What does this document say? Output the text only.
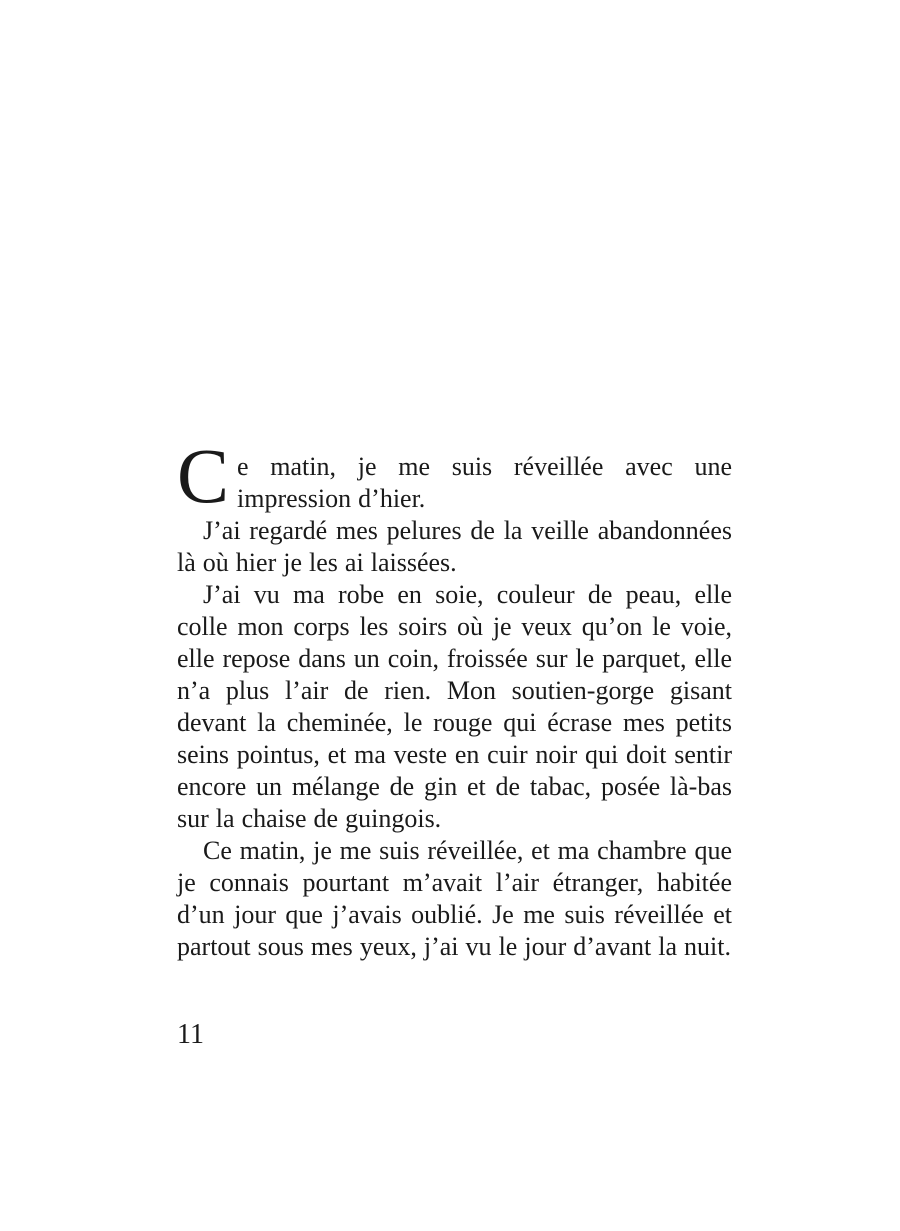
Ce matin, je me suis réveillée avec une impression d’hier.

J’ai regardé mes pelures de la veille abandonnées là où hier je les ai laissées.

J’ai vu ma robe en soie, couleur de peau, elle colle mon corps les soirs où je veux qu’on le voie, elle repose dans un coin, froissée sur le parquet, elle n’a plus l’air de rien. Mon soutien-gorge gisant devant la cheminée, le rouge qui écrase mes petits seins pointus, et ma veste en cuir noir qui doit sentir encore un mélange de gin et de tabac, posée là-bas sur la chaise de guingois.

Ce matin, je me suis réveillée, et ma chambre que je connais pourtant m’avait l’air étranger, habitée d’un jour que j’avais oublié. Je me suis réveillée et partout sous mes yeux, j’ai vu le jour d’avant la nuit.

11
